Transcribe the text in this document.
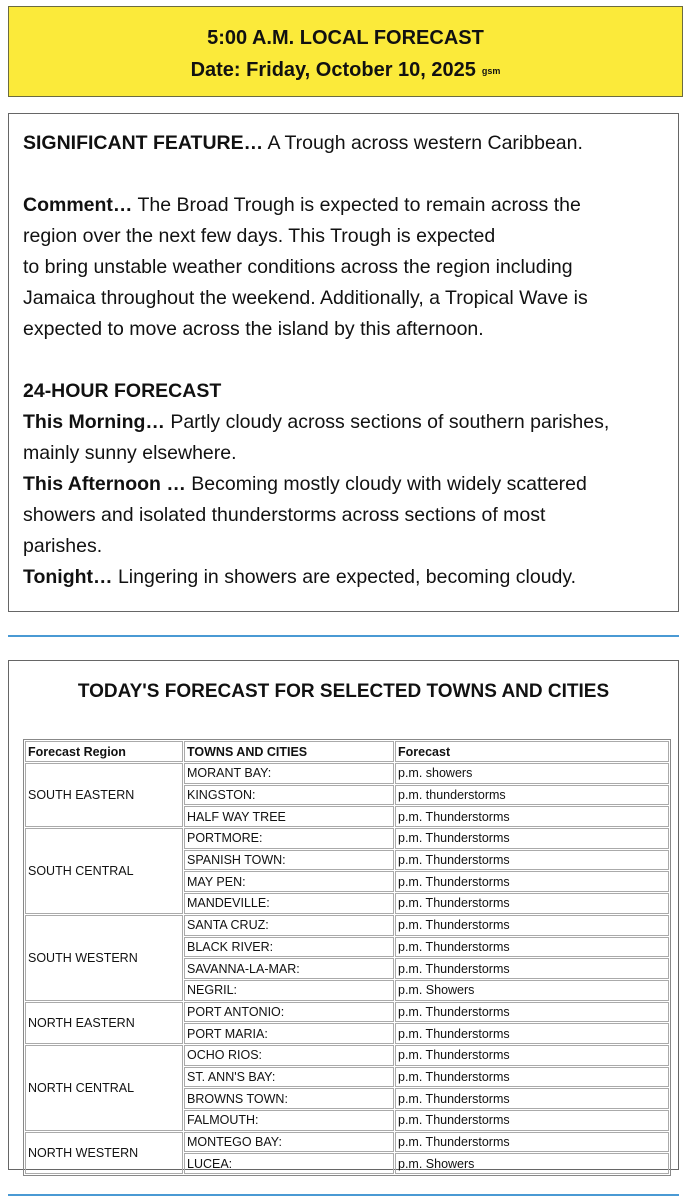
5:00 A.M. LOCAL FORECAST
Date: Friday, October 10, 2025 gsm

SIGNIFICANT FEATURE… A Trough across western Caribbean.

Comment… The Broad Trough is expected to remain across the

region over the next few days. This Trough is expected

to bring unstable weather conditions across the region including

Jamaica throughout the weekend. Additionally, a Tropical Wave is

expected to move across the island by this afternoon.

24-HOUR FORECAST

This Morning… Partly cloudy across sections of southern parishes,

mainly sunny elsewhere.

This Afternoon … Becoming mostly cloudy with widely scattered

showers and isolated thunderstorms across sections of most

parishes.

Tonight… Lingering in showers are expected, becoming cloudy.

TODAY'S FORECAST FOR SELECTED TOWNS AND CITIES
Forecast Region	TOWNS AND CITIES	Forecast
SOUTH EASTERN	MORANT BAY:	p.m. showers
	KINGSTON:	p.m. thunderstorms
	HALF WAY TREE	p.m. Thunderstorms
SOUTH CENTRAL	PORTMORE:	p.m. Thunderstorms
	SPANISH TOWN:	p.m. Thunderstorms
	MAY PEN:	p.m. Thunderstorms
	MANDEVILLE:	p.m. Thunderstorms
SOUTH WESTERN	SANTA CRUZ:	p.m. Thunderstorms
	BLACK RIVER:	p.m. Thunderstorms
	SAVANNA-LA-MAR:	p.m. Thunderstorms
	NEGRIL:	p.m. Showers
NORTH EASTERN	PORT ANTONIO:	p.m. Thunderstorms
	PORT MARIA:	p.m. Thunderstorms
NORTH CENTRAL	OCHO RIOS:	p.m. Thunderstorms
	ST. ANN'S BAY:	p.m. Thunderstorms
	BROWNS TOWN:	p.m. Thunderstorms
	FALMOUTH:	p.m. Thunderstorms
NORTH WESTERN	MONTEGO BAY:	p.m. Thunderstorms
	LUCEA:	p.m. Showers
